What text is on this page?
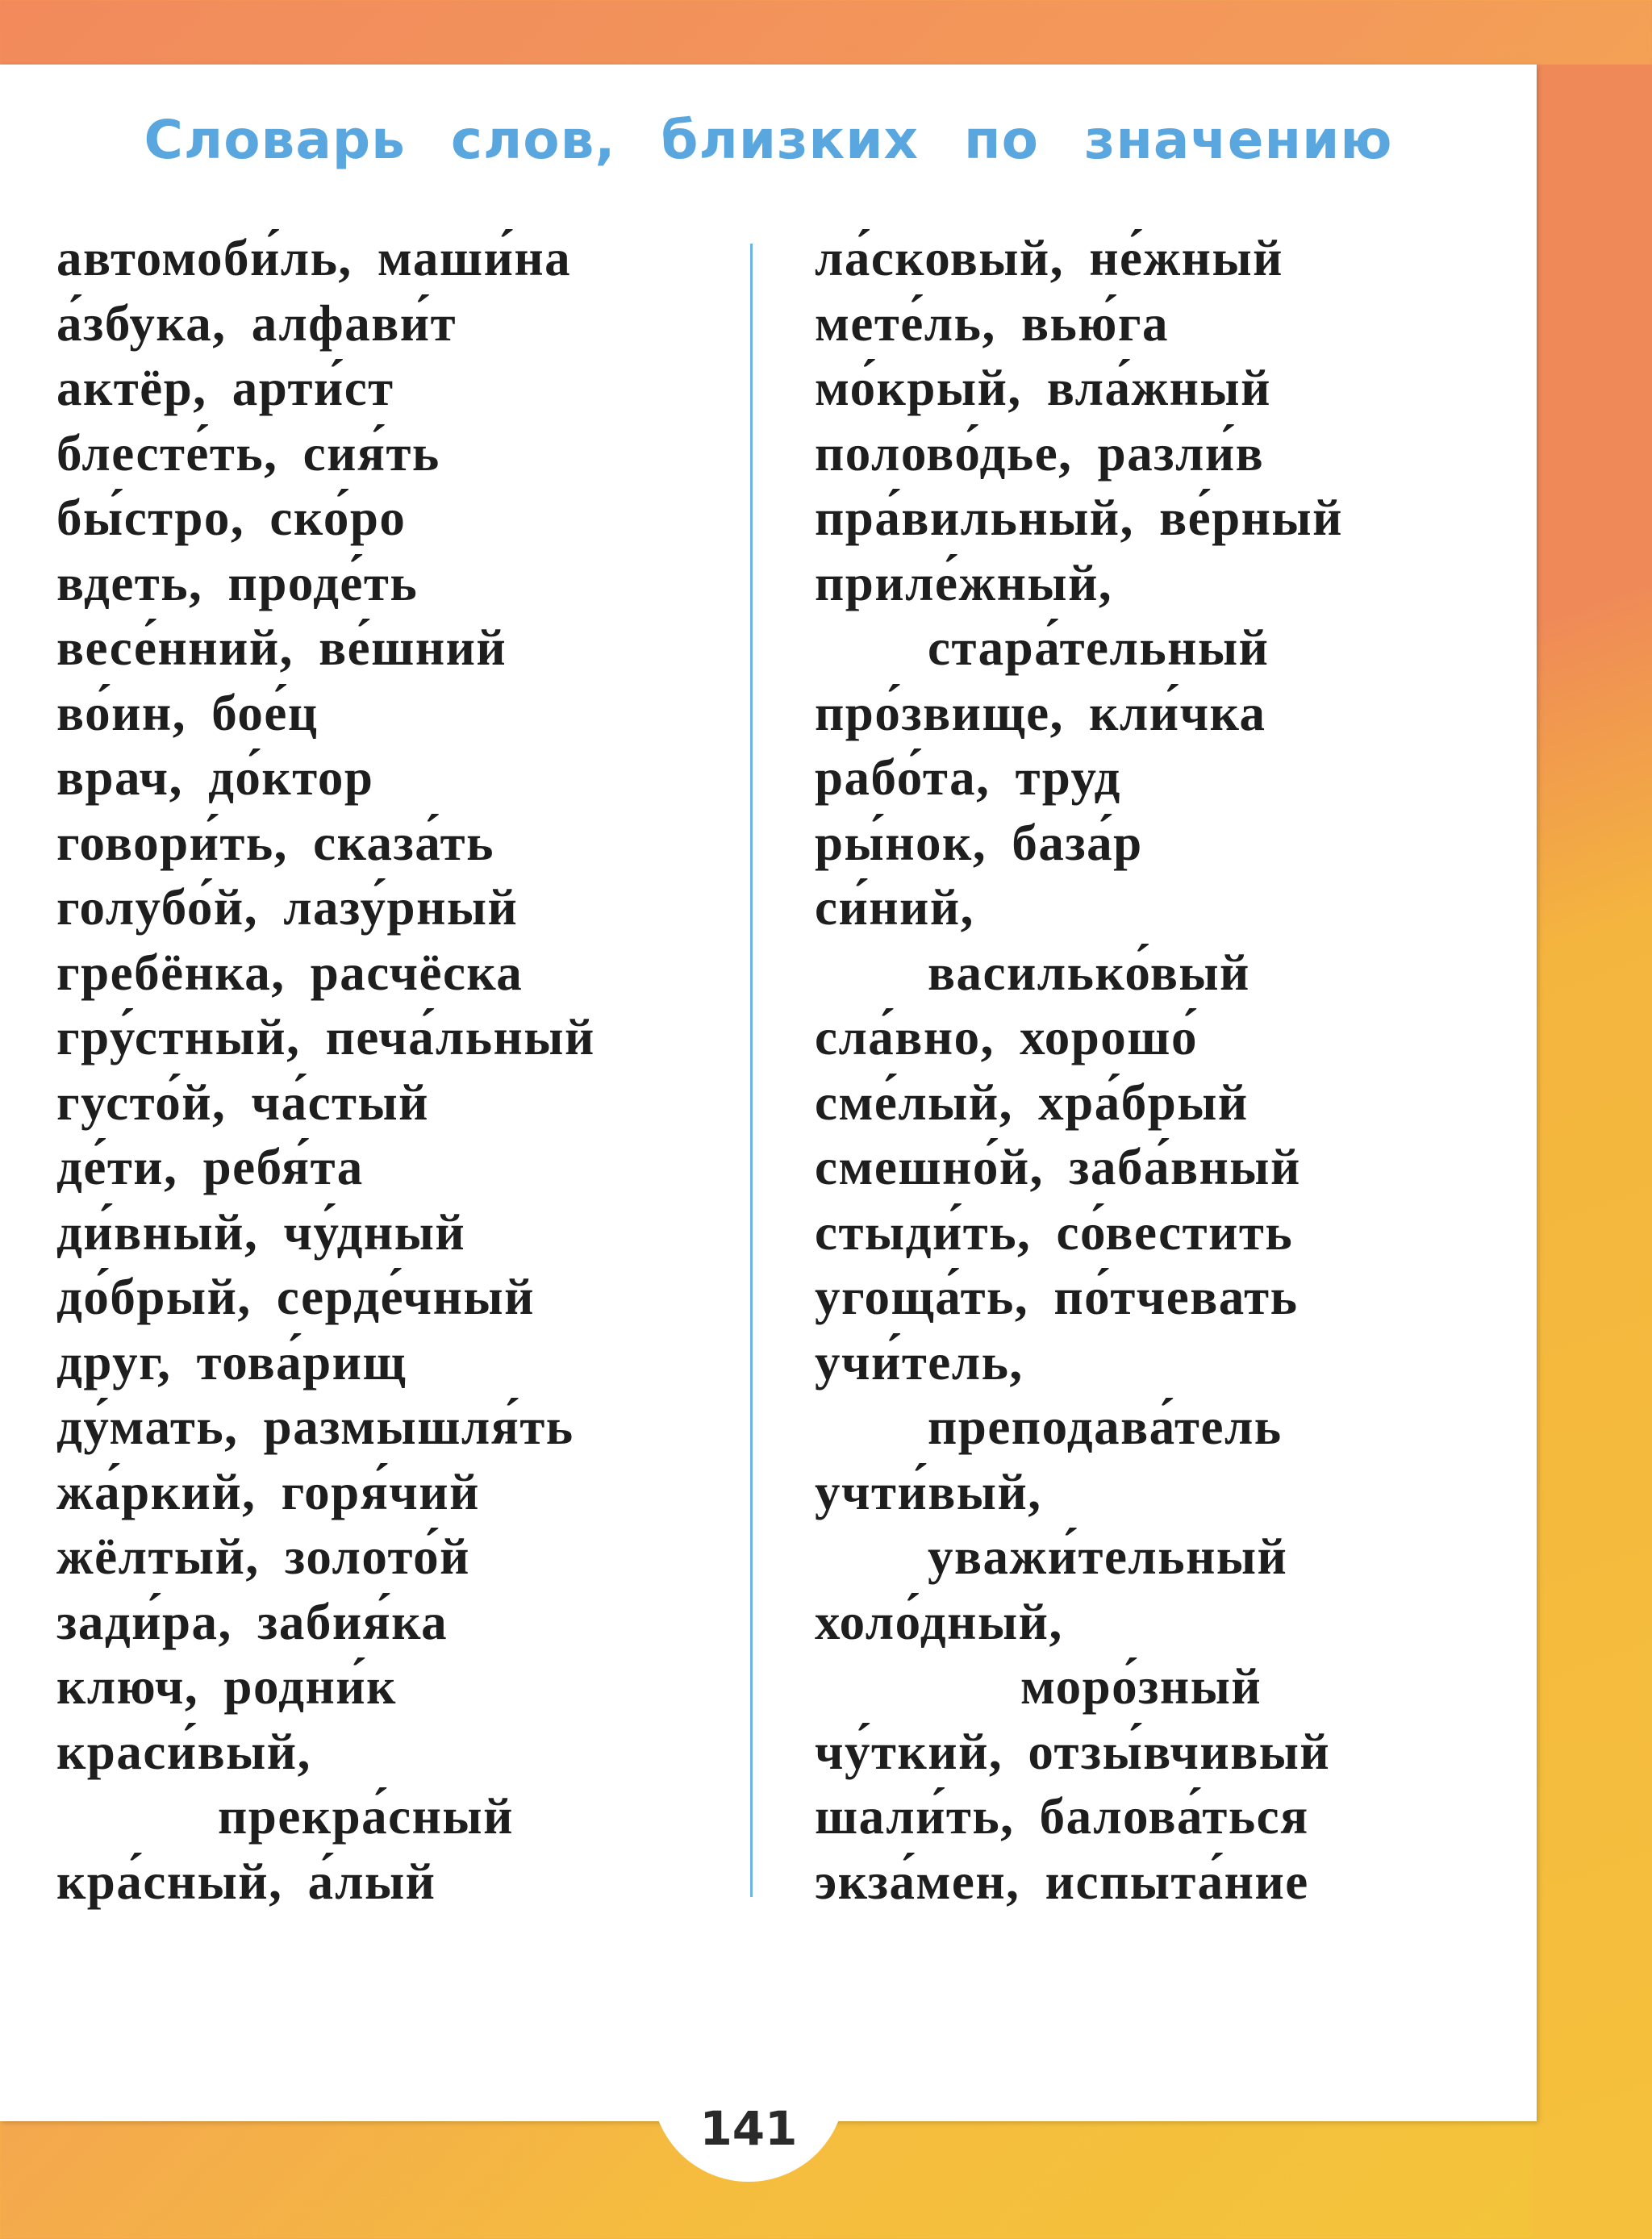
Словарь слов, близких по значению
автомоби́ль, маши́на
а́збука, алфави́т
актёр, арти́ст
блесте́ть, сия́ть
бы́стро, ско́ро
вдеть, проде́ть
весе́нний, ве́шний
во́ин, бое́ц
врач, до́ктор
говори́ть, сказа́ть
голубо́й, лазу́рный
гребёнка, расчёска
гру́стный, печа́льный
густо́й, ча́стый
де́ти, ребя́та
ди́вный, чу́дный
до́брый, серде́чный
друг, това́рищ
ду́мать, размышля́ть
жа́ркий, горя́чий
жёлтый, золото́й
зади́ра, забия́ка
ключ, родни́к
краси́вый,
прекра́сный
кра́сный, а́лый
ла́сковый, не́жный
мете́ль, вью́га
мо́крый, вла́жный
полово́дье, разли́в
пра́вильный, ве́рный
приле́жный,
стара́тельный
про́звище, кли́чка
рабо́та, труд
ры́нок, база́р
си́ний,
василько́вый
сла́вно, хорошо́
сме́лый, хра́брый
смешно́й, заба́вный
стыди́ть, со́вестить
угоща́ть, по́тчевать
учи́тель,
преподава́тель
учти́вый,
уважи́тельный
холо́дный,
моро́зный
чу́ткий, отзы́вчивый
шали́ть, балова́ться
экза́мен, испыта́ние
141
